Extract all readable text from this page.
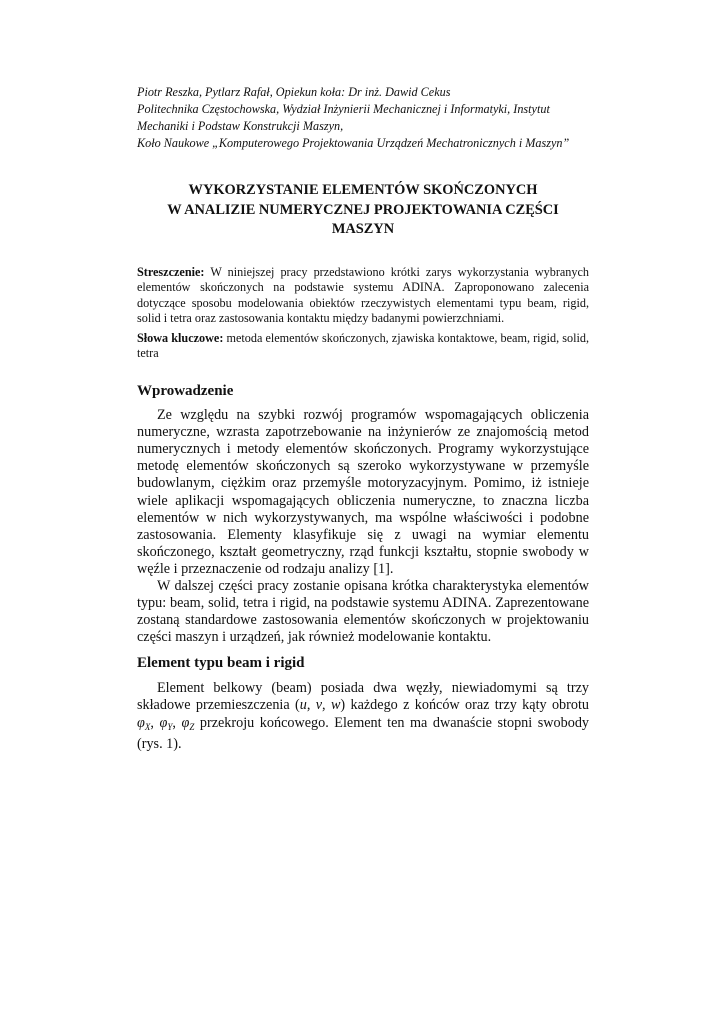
Piotr Reszka, Pytlarz Rafał, Opiekun koła: Dr inż. Dawid Cekus
Politechnika Częstochowska, Wydział Inżynierii Mechanicznej i Informatyki, Instytut
Mechaniki i Podstaw Konstrukcji Maszyn,
Koło Naukowe „Komputerowego Projektowania Urządzeń Mechatronicznych i Maszyn”
WYKORZYSTANIE ELEMENTÓW SKOŃCZONYCH
W ANALIZIE NUMERYCZNEJ PROJEKTOWANIA CZĘŚCI
MASZYN

Streszczenie: W niniejszej pracy przedstawiono krótki zarys wykorzystania wybranych elementów skończonych na podstawie systemu ADINA. Zaproponowano zalecenia dotyczące sposobu modelowania obiektów rzeczywistych elementami typu beam, rigid, solid i tetra oraz zastosowania kontaktu między badanymi powierzchniami.

Słowa kluczowe: metoda elementów skończonych, zjawiska kontaktowe, beam, rigid, solid, tetra

Wprowadzenie

Ze względu na szybki rozwój programów wspomagających obliczenia numeryczne, wzrasta zapotrzebowanie na inżynierów ze znajomością metod numerycznych i metody elementów skończonych. Programy wykorzystujące metodę elementów skończonych są szeroko wykorzystywane w przemyśle budowlanym, ciężkim oraz przemyśle motoryzacyjnym. Pomimo, iż istnieje wiele aplikacji wspomagających obliczenia numeryczne, to znaczna liczba elementów w nich wykorzystywanych, ma wspólne właściwości i podobne zastosowania. Elementy klasyfikuje się z uwagi na wymiar elementu skończonego, kształt geometryczny, rząd funkcji kształtu, stopnie swobody w węźle i przeznaczenie od rodzaju analizy [1].

W dalszej części pracy zostanie opisana krótka charakterystyka elementów typu: beam, solid, tetra i rigid, na podstawie systemu ADINA. Zaprezentowane zostaną standardowe zastosowania elementów skończonych w projektowaniu części maszyn i urządzeń, jak również modelowanie kontaktu.

Element typu beam i rigid

Element belkowy (beam) posiada dwa węzły, niewiadomymi są trzy składowe przemieszczenia (u, v, w) każdego z końców oraz trzy kąty obrotu $\varphi_X$, $\varphi_Y$, $\varphi_Z$ przekroju końcowego. Element ten ma dwanaście stopni swobody (rys. 1).
